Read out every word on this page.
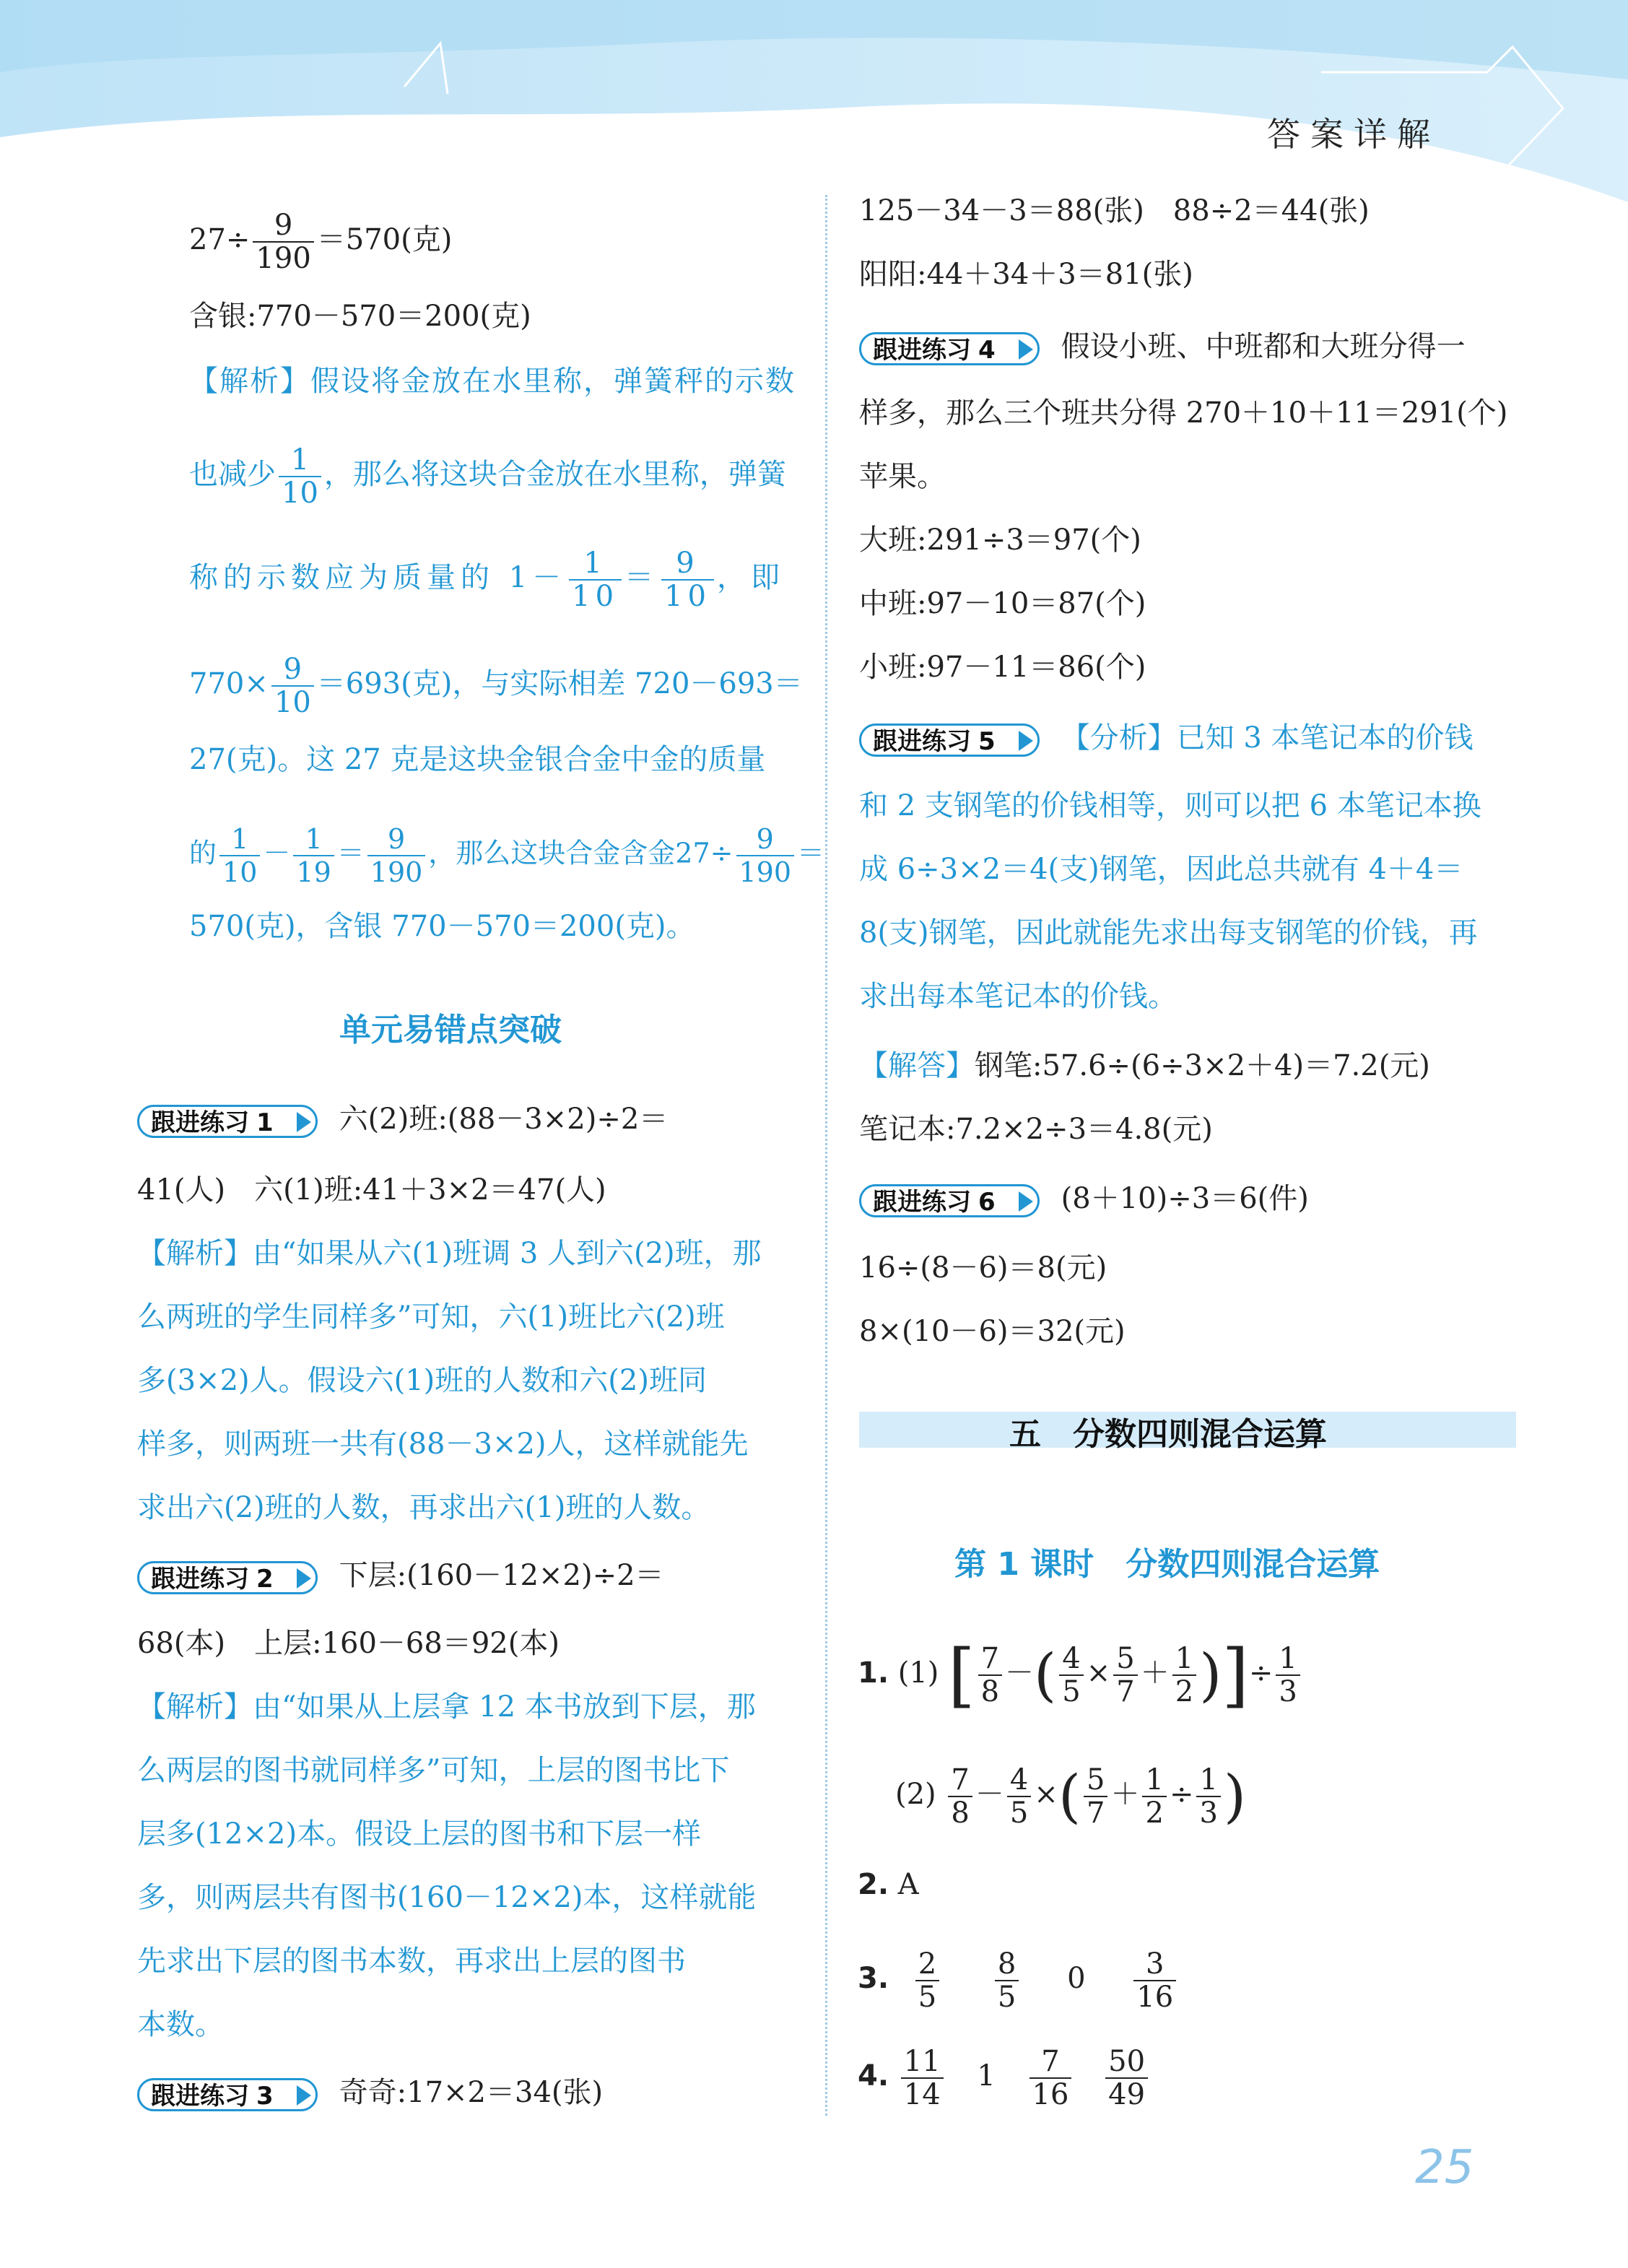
答案详解
$27\div \frac{9}{190} =570$(克)
含银:770－570＝200(克)
【解析】假设将金放在水里称，弹簧秤的示数
也减少 $\frac{1}{10}$ ，那么将这块合金放在水里称，弹簧
称的示数应为质量的 $1- \frac{1}{10} = \frac{9}{10}$ ，即
$770\times \frac{9}{10} =693$(克)，与实际相差 720－693＝
27(克)。这 27 克是这块金银合金中金的质量
的 $\frac{1}{10} - \frac{1}{19} = \frac{9}{190}$ ，那么这块合金含金$27\div \frac{9}{190}$ ＝
570(克)，含银 770－570＝200(克)。
单元易错点突破
跟进练习 1 六(2)班:(88－3×2)÷2＝
41(人)　六(1)班:41＋3×2＝47(人)
【解析】由“如果从六(1)班调 3 人到六(2)班，那
么两班的学生同样多”可知，六(1)班比六(2)班
多(3×2)人。假设六(1)班的人数和六(2)班同
样多，则两班一共有(88－3×2)人，这样就能先
求出六(2)班的人数，再求出六(1)班的人数。
跟进练习 2 下层:(160－12×2)÷2＝
68(本)　上层:160－68＝92(本)
【解析】由“如果从上层拿 12 本书放到下层，那
么两层的图书就同样多”可知，上层的图书比下
层多(12×2)本。假设上层的图书和下层一样
多，则两层共有图书(160－12×2)本，这样就能
先求出下层的图书本数，再求出上层的图书
本数。
跟进练习 3 奇奇:17×2＝34(张)
125－34－3＝88(张)　88÷2＝44(张)
阳阳:44＋34＋3＝81(张)
跟进练习 4 假设小班、中班都和大班分得一
样多，那么三个班共分得 270＋10＋11＝291(个)
苹果。
大班:291÷3＝97(个)
中班:97－10＝87(个)
小班:97－11＝86(个)
跟进练习 5 【分析】已知 3 本笔记本的价钱
和 2 支钢笔的价钱相等，则可以把 6 本笔记本换
成 6÷3×2＝4(支)钢笔，因此总共就有 4＋4＝
8(支)钢笔，因此就能先求出每支钢笔的价钱，再
求出每本笔记本的价钱。
【解答】钢笔:57.6÷(6÷3×2＋4)＝7.2(元)
笔记本:7.2×2÷3＝4.8(元)
跟进练习 6 (8＋10)÷3＝6(件)
16÷(8－6)＝8(元)
8×(10－6)＝32(元)
五　分数四则混合运算
第 1 课时　分数四则混合运算
1. (1) [ $\frac{7}{8}$ －( $\frac{4}{5} \times \frac{5}{7} + \frac{1}{2}$ )]÷ $\frac{1}{3}$
$(2) \frac{7}{8} - \frac{4}{5}$ ×( $\frac{5}{7} + \frac{1}{2} \div \frac{1}{3}$ )
2. A
3. $\frac{2}{5}$
$\frac{8}{5} 0 \frac{3}{16}$
4. $\frac{11}{14} 1 \frac{7}{16}$
$\frac{50}{49}$
25
